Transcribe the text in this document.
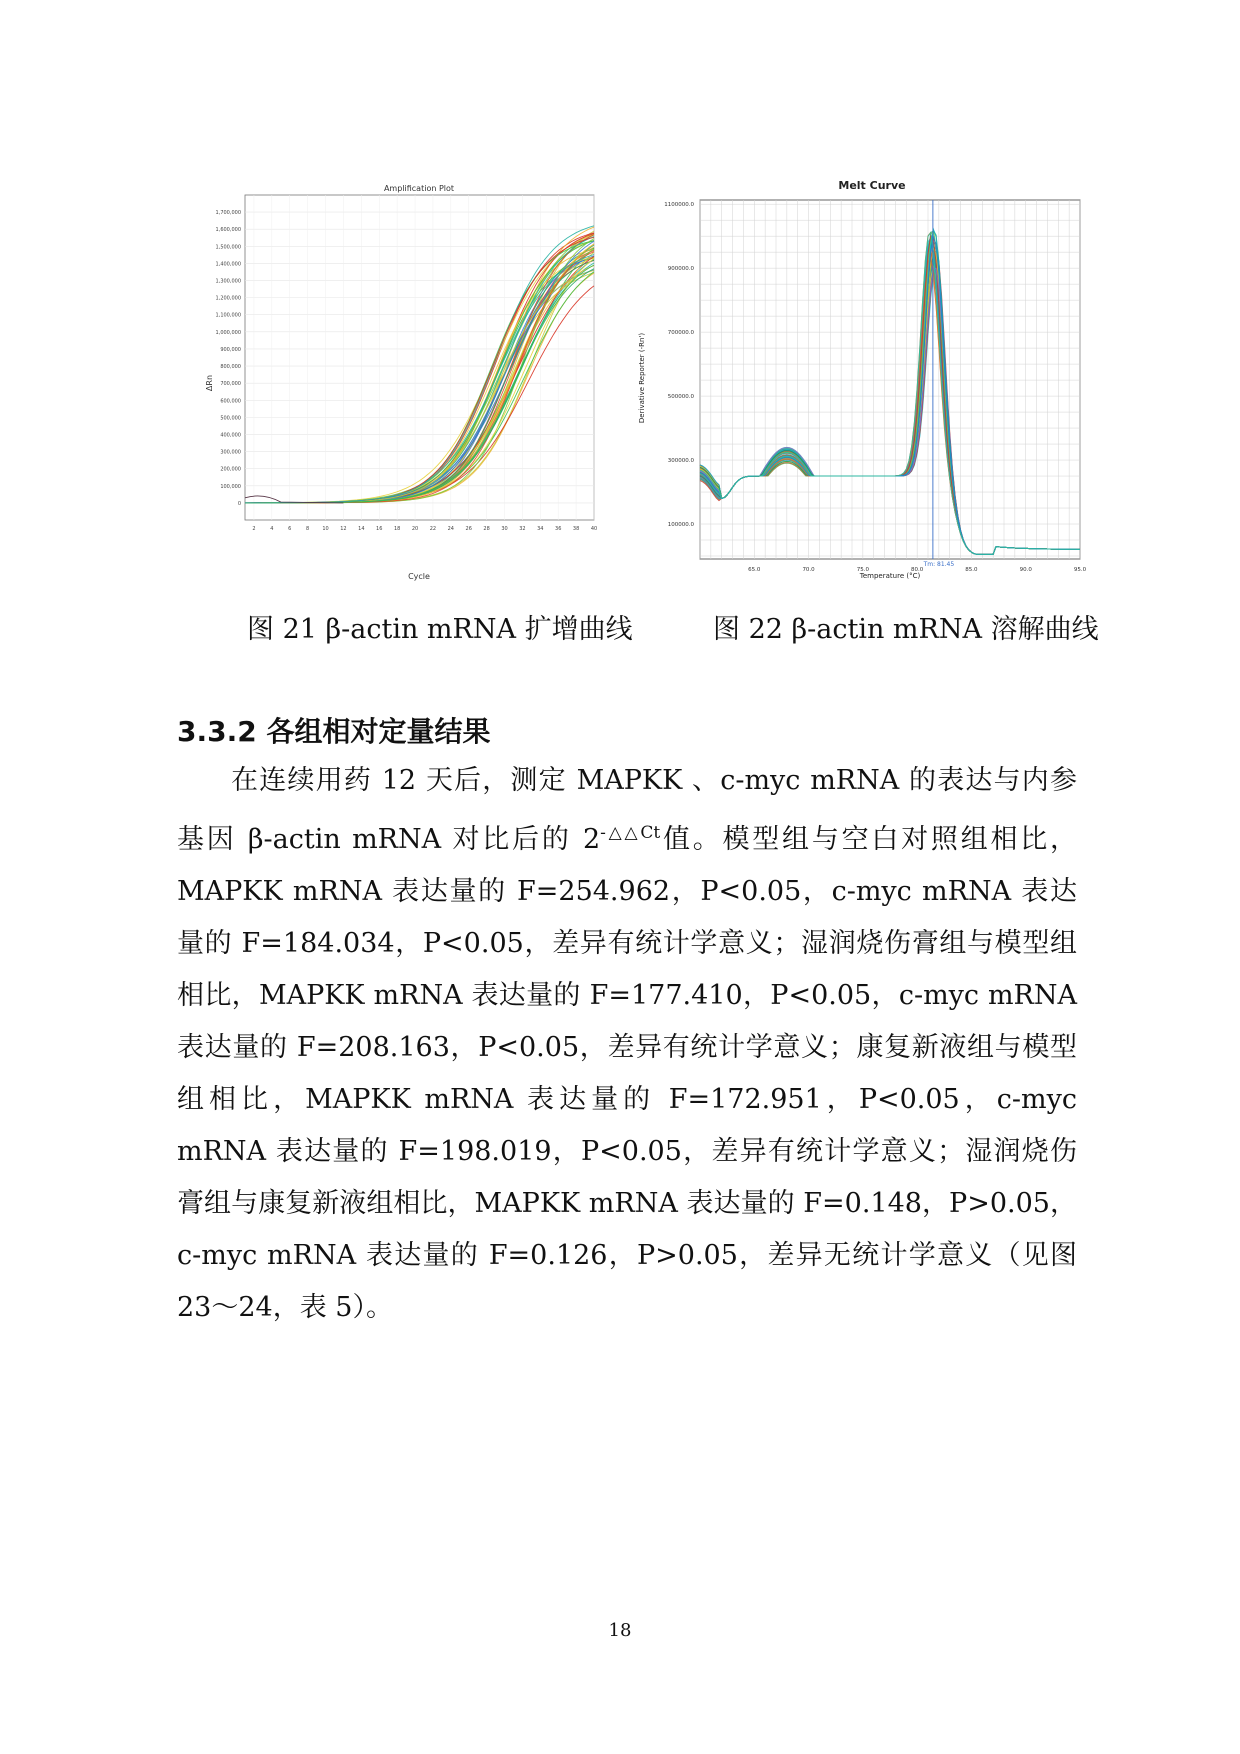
Amplification Plot
1,700,000
1,600,000
1,500,000
1,400,000
1,300,000
1,200,000
1,100,000
1,000,000
900,000
800,000
700,000
600,000
500,000
400,000
300,000
200,000
100,000
0
2	4	6	8	10 12 14 16 18 20 22 24 26 28 30 32 34 36 38 40
Cycle
ΔRn
Melt Curve
1100000.0
900000.0
700000.0
500000.0
300000.0
100000.0
65.0	70.0	75.0	80.0	85.0	90.0	95.0
Tm: 81.45
Temperature (°C)
Derivative Reporter (-Rn')
图 21 β-actin mRNA 扩增曲线	图 22 β-actin mRNA 溶解曲线
3.3.2 各组相对定量结果

在连续用药 12 天后，测定 MAPKK 、c-myc mRNA 的表达与内参基因 β-actin mRNA 对比后的 $2^{-\triangle\triangle Ct}$值。模型组与空白对照组相比，MAPKK mRNA 表达量的 F=254.962，P<0.05，c-myc mRNA 表达量的 F=184.034，P<0.05，差异有统计学意义；湿润烧伤膏组与模型组相比，MAPKK mRNA 表达量的 F=177.410，P<0.05，c-myc mRNA 表达量的 F=208.163，P<0.05，差异有统计学意义；康复新液组与模型组相比，MAPKK mRNA 表达量的 F=172.951，P<0.05，c-myc mRNA 表达量的 F=198.019，P<0.05，差异有统计学意义；湿润烧伤膏组与康复新液组相比，MAPKK mRNA 表达量的 F=0.148，P>0.05，c-myc mRNA 表达量的 F=0.126，P>0.05，差异无统计学意义（见图 23～24，表 5）。

18
